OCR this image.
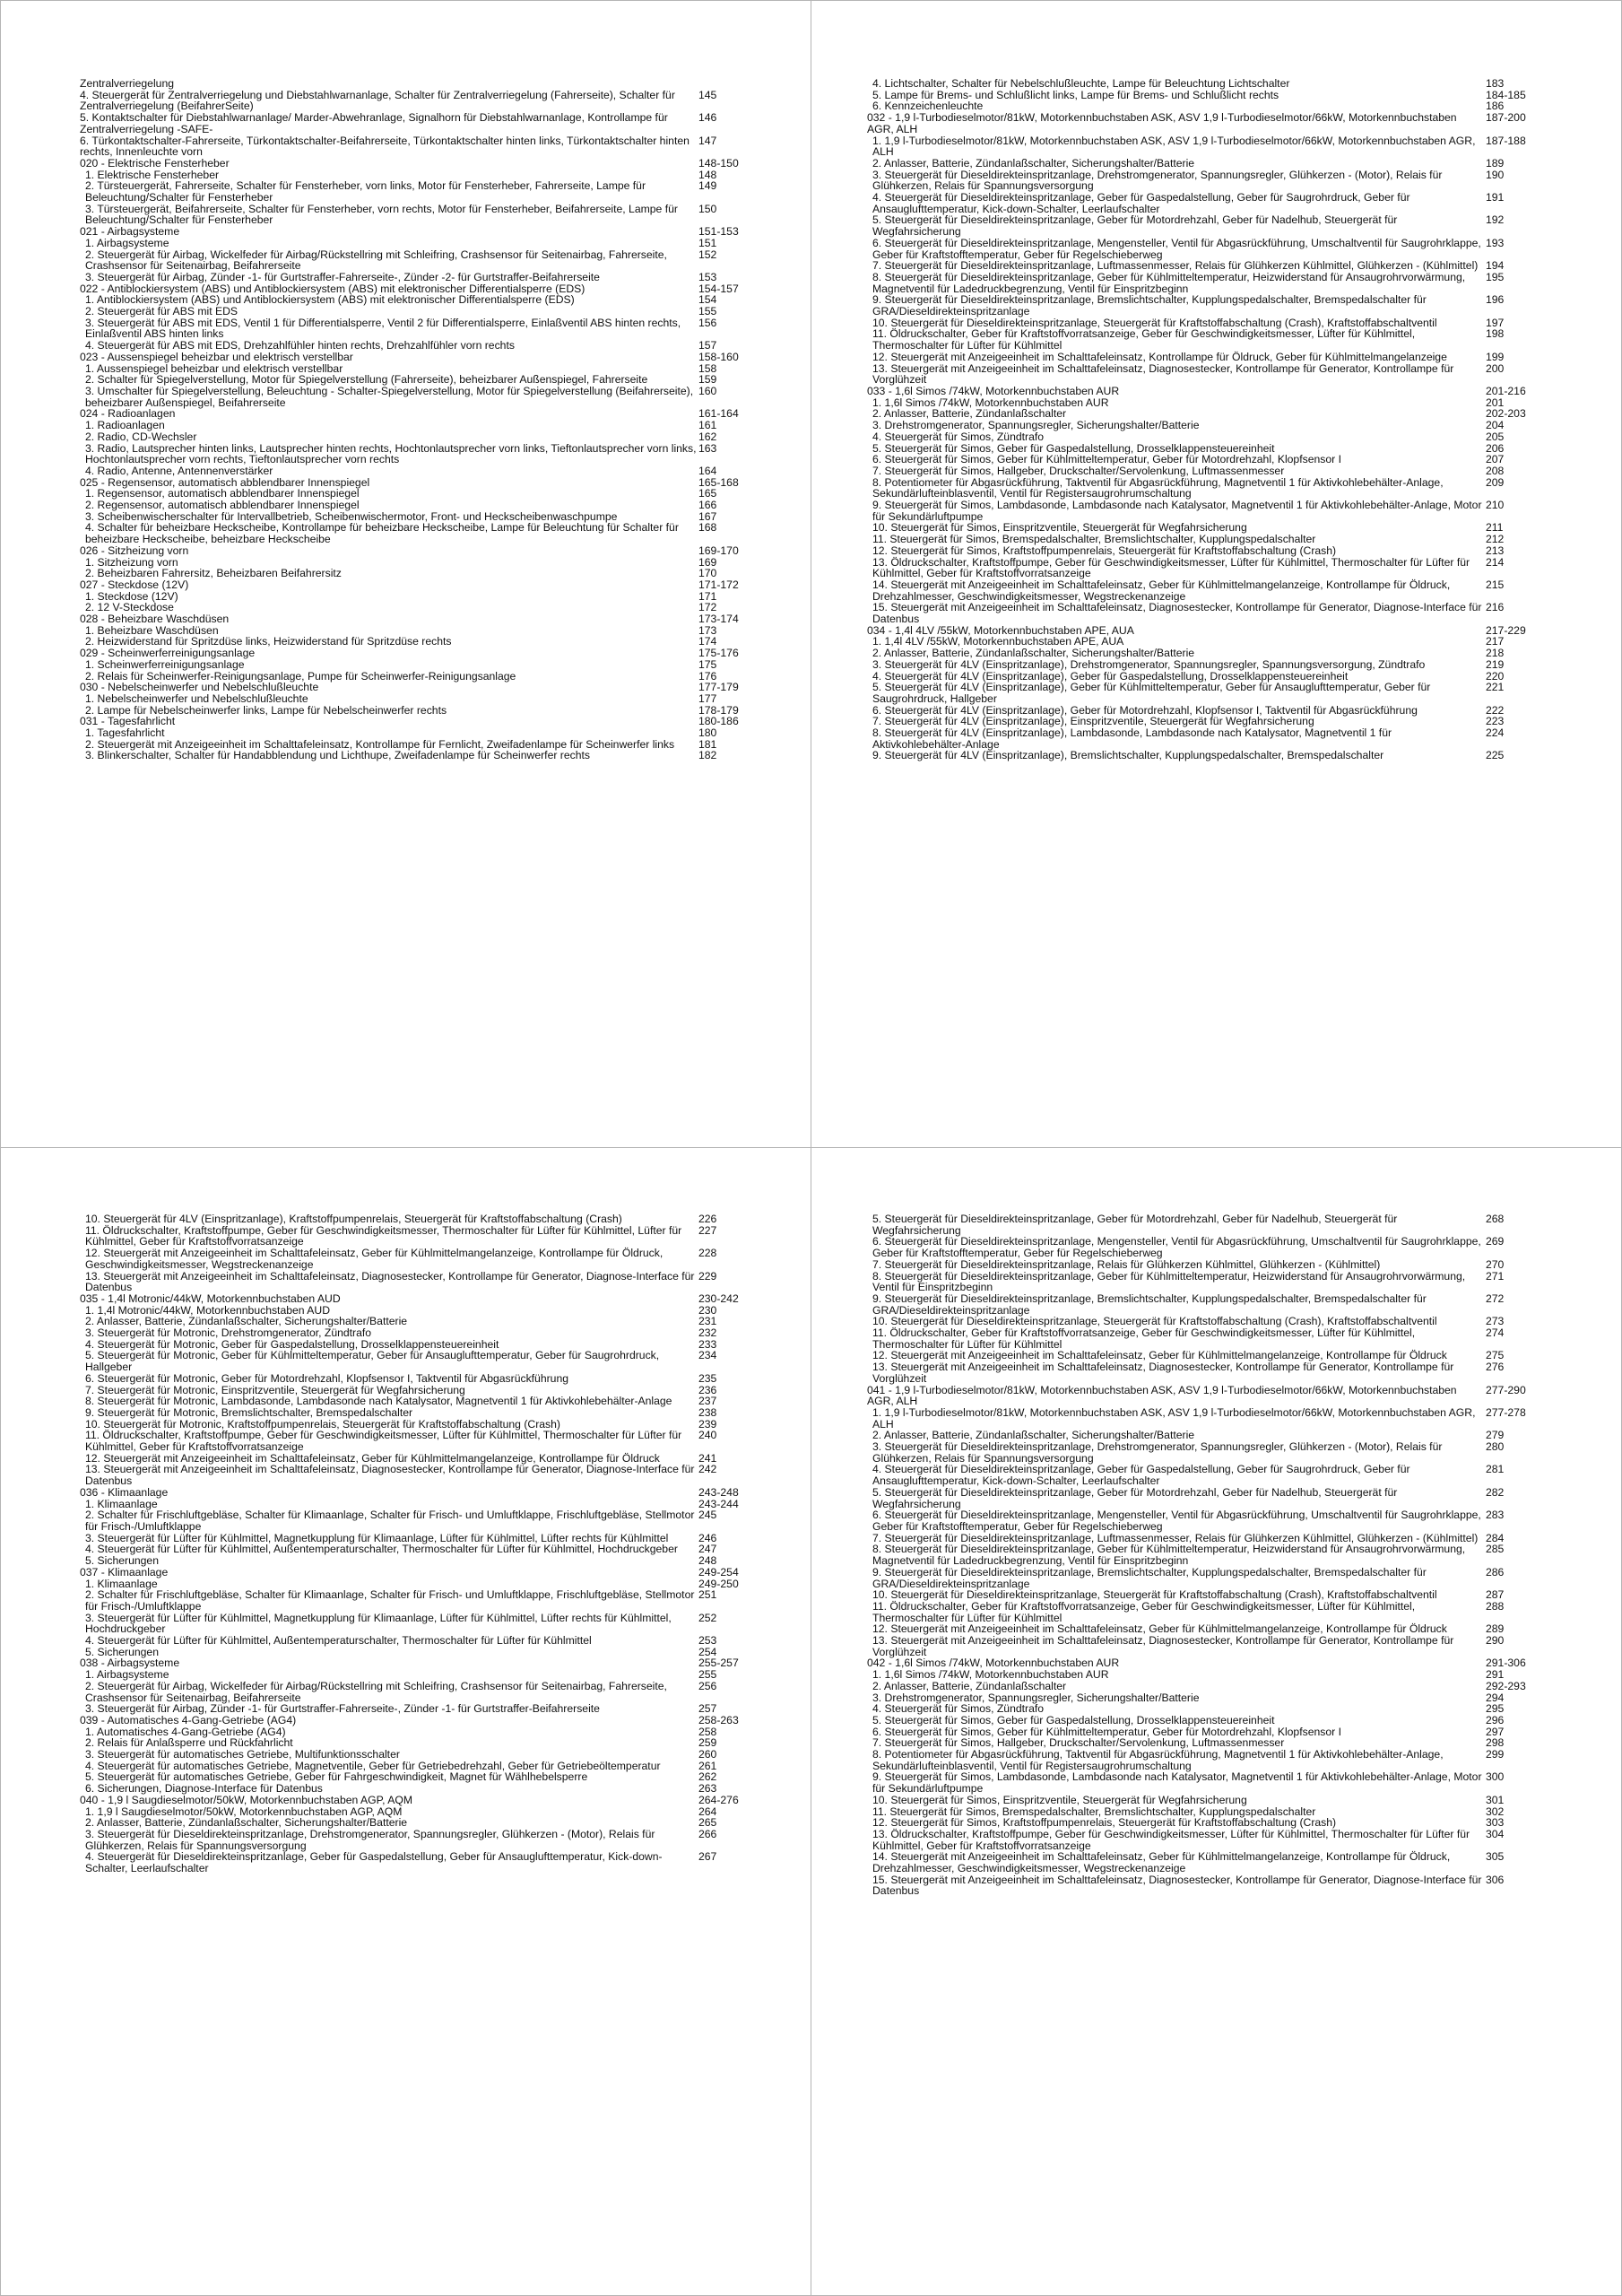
Zentralverriegelung
4. Steuergerät für Zentralverriegelung und Diebstahlwarnanlage, Schalter für Zentralverriegelung (Fahrerseite), Schalter für Zentralverriegelung (BeifahrerSeite)
145
5. Kontaktschalter für Diebstahlwarnanlage/ Marder-Abwehranlage, Signalhorn für Diebstahlwarnanlage, Kontrollampe für Zentralverriegelung -SAFE-
146
6. Türkontaktschalter-Fahrerseite, Türkontaktschalter-Beifahrerseite, Türkontaktschalter hinten links, Türkontaktschalter hinten rechts, Innenleuchte vorn
147
020 - Elektrische Fensterheber	148-150
1. Elektrische Fensterheber	148
2. Türsteuergerät, Fahrerseite, Schalter für Fensterheber, vorn links, Motor für Fensterheber, Fahrerseite, Lampe für Beleuchtung/Schalter für Fensterheber
149
3. Türsteuergerät, Beifahrerseite, Schalter für Fensterheber, vorn rechts, Motor für Fensterheber, Beifahrerseite, Lampe für Beleuchtung/Schalter für Fensterheber
150
021 - Airbagsysteme	151-153
1. Airbagsysteme	151
2. Steuergerät für Airbag, Wickelfeder für Airbag/Rückstellring mit Schleifring, Crashsensor für Seitenairbag, Fahrerseite, Crashsensor für Seitenairbag, Beifahrerseite
152
3. Steuergerät für Airbag, Zünder -1- für Gurtstraffer-Fahrerseite-, Zünder -2- für Gurtstraffer-Beifahrerseite	153
022 - Antiblockiersystem (ABS) und Antiblockiersystem (ABS) mit elektronischer Differentialsperre (EDS)	154-157
1. Antiblockiersystem (ABS) und Antiblockiersystem (ABS) mit elektronischer Differentialsperre (EDS)	154
2. Steuergerät für ABS mit EDS	155
3. Steuergerät für ABS mit EDS, Ventil 1 für Differentialsperre, Ventil 2 für Differentialsperre, Einlaßventil ABS hinten rechts, Einlaßventil ABS hinten links
156
4. Steuergerät für ABS mit EDS, Drehzahlfühler hinten rechts, Drehzahlfühler vorn rechts	157
023 - Aussenspiegel beheizbar und elektrisch verstellbar	158-160
1. Aussenspiegel beheizbar und elektrisch verstellbar	158
2. Schalter für Spiegelverstellung, Motor für Spiegelverstellung (Fahrerseite), beheizbarer Außenspiegel, Fahrerseite	159
3. Umschalter für Spiegelverstellung, Beleuchtung - Schalter-Spiegelverstellung, Motor für Spiegelverstellung (Beifahrerseite), beheizbarer Außenspiegel, Beifahrerseite
160
024 - Radioanlagen	161-164
1. Radioanlagen	161
2. Radio, CD-Wechsler	162
3. Radio, Lautsprecher hinten links, Lautsprecher hinten rechts, Hochtonlautsprecher vorn links, Tieftonlautsprecher vorn links, Hochtonlautsprecher vorn rechts, Tieftonlautsprecher vorn rechts
163
4. Radio, Antenne, Antennenverstärker	164
025 - Regensensor, automatisch abblendbarer Innenspiegel	165-168
1. Regensensor, automatisch abblendbarer Innenspiegel	165
2. Regensensor, automatisch abblendbarer Innenspiegel	166
3. Scheibenwischerschalter für Intervallbetrieb, Scheibenwischermotor, Front- und Heckscheibenwaschpumpe	167
4. Schalter für beheizbare Heckscheibe, Kontrollampe für beheizbare Heckscheibe, Lampe für Beleuchtung für Schalter für beheizbare Heckscheibe, beheizbare Heckscheibe
168
026 - Sitzheizung vorn	169-170
1. Sitzheizung vorn	169
2. Beheizbaren Fahrersitz, Beheizbaren Beifahrersitz	170
027 - Steckdose (12V)	171-172
1. Steckdose (12V)	171
2. 12 V-Steckdose	172
028 - Beheizbare Waschdüsen	173-174
1. Beheizbare Waschdüsen	173
2. Heizwiderstand für Spritzdüse links, Heizwiderstand für Spritzdüse rechts	174
029 - Scheinwerferreinigungsanlage	175-176
1. Scheinwerferreinigungsanlage	175
2. Relais für Scheinwerfer-Reinigungsanlage, Pumpe für Scheinwerfer-Reinigungsanlage	176
030 - Nebelscheinwerfer und Nebelschlußleuchte	177-179
1. Nebelscheinwerfer und Nebelschlußleuchte	177
2. Lampe für Nebelscheinwerfer links, Lampe für Nebelscheinwerfer rechts	178-179
031 - Tagesfahrlicht	180-186
1. Tagesfahrlicht	180
2. Steuergerät mit Anzeigeeinheit im Schalttafeleinsatz, Kontrollampe für Fernlicht, Zweifadenlampe für Scheinwerfer links	181
3. Blinkerschalter, Schalter für Handabblendung und Lichthupe, Zweifadenlampe für Scheinwerfer rechts	182
4. Lichtschalter, Schalter für Nebelschlußleuchte, Lampe für Beleuchtung Lichtschalter	183
5. Lampe für Brems- und Schlußlicht links, Lampe für Brems- und Schlußlicht rechts	184-185
6. Kennzeichenleuchte	186
032 - 1,9 l-Turbodieselmotor/81kW, Motorkennbuchstaben ASK, ASV 1,9 l-Turbodieselmotor/66kW, Motorkennbuchstaben AGR, ALH
187-200
1. 1,9 l-Turbodieselmotor/81kW, Motorkennbuchstaben ASK, ASV 1,9 l-Turbodieselmotor/66kW, Motorkennbuchstaben AGR, ALH
187-188
2. Anlasser, Batterie, Zündanlaßschalter, Sicherungshalter/Batterie	189
3. Steuergerät für Dieseldirekteinspritzanlage, Drehstromgenerator, Spannungsregler, Glühkerzen - (Motor), Relais für Glühkerzen, Relais für Spannungsversorgung
190
4. Steuergerät für Dieseldirekteinspritzanlage, Geber für Gaspedalstellung, Geber für Saugrohrdruck, Geber für Ansauglufttemperatur, Kick-down-Schalter, Leerlaufschalter
191
5. Steuergerät für Dieseldirekteinspritzanlage, Geber für Motordrehzahl, Geber für Nadelhub, Steuergerät für Wegfahrsicherung
192
6. Steuergerät für Dieseldirekteinspritzanlage, Mengensteller, Ventil für Abgasrückführung, Umschaltventil für Saugrohrklappe, Geber für Kraftstofftemperatur, Geber für Regelschieberweg
193
7. Steuergerät für Dieseldirekteinspritzanlage, Luftmassenmesser, Relais für Glühkerzen Kühlmittel, Glühkerzen - (Kühlmittel) 194
8. Steuergerät für Dieseldirekteinspritzanlage, Geber für Kühlmitteltemperatur, Heizwiderstand für Ansaugrohrvorwärmung, Magnetventil für Ladedruckbegrenzung, Ventil für Einspritzbeginn
195
9. Steuergerät für Dieseldirekteinspritzanlage, Bremslichtschalter, Kupplungspedalschalter, Bremspedalschalter für GRA/Dieseldirekteinspritzanlage
196
10. Steuergerät für Dieseldirekteinspritzanlage, Steuergerät für Kraftstoffabschaltung (Crash), Kraftstoffabschaltventil	197
11. Öldruckschalter, Geber für Kraftstoffvorratsanzeige, Geber für Geschwindigkeitsmesser, Lüfter für Kühlmittel, Thermoschalter für Lüfter für Kühlmittel
198
12. Steuergerät mit Anzeigeeinheit im Schalttafeleinsatz, Kontrollampe für Öldruck, Geber für Kühlmittelmangelanzeige	199
13. Steuergerät mit Anzeigeeinheit im Schalttafeleinsatz, Diagnosestecker, Kontrollampe für Generator, Kontrollampe für Vorglühzeit
200
033 - 1,6l Simos /74kW, Motorkennbuchstaben AUR	201-216
1. 1,6l Simos /74kW, Motorkennbuchstaben AUR	201
2. Anlasser, Batterie, Zündanlaßschalter	202-203
3. Drehstromgenerator, Spannungsregler, Sicherungshalter/Batterie	204
4. Steuergerät für Simos, Zündtrafo	205
5. Steuergerät für Simos, Geber für Gaspedalstellung, Drosselklappensteuereinheit	206
6. Steuergerät für Simos, Geber für Kühlmitteltemperatur, Geber für Motordrehzahl, Klopfsensor I	207
7. Steuergerät für Simos, Hallgeber, Druckschalter/Servolenkung, Luftmassenmesser	208
8. Potentiometer für Abgasrückführung, Taktventil für Abgasrückführung, Magnetventil 1 für Aktivkohlebehälter-Anlage, Sekundärlufteinblasventil, Ventil für Registersaugrohrumschaltung
209
9. Steuergerät für Simos, Lambdasonde, Lambdasonde nach Katalysator, Magnetventil 1 für Aktivkohlebehälter-Anlage, Motor für Sekundärluftpumpe
210
10. Steuergerät für Simos, Einspritzventile, Steuergerät für Wegfahrsicherung	211
11. Steuergerät für Simos, Bremspedalschalter, Bremslichtschalter, Kupplungspedalschalter	212
12. Steuergerät für Simos, Kraftstoffpumpenrelais, Steuergerät für Kraftstoffabschaltung (Crash)	213
13. Öldruckschalter, Kraftstoffpumpe, Geber für Geschwindigkeitsmesser, Lüfter für Kühlmittel, Thermoschalter für Lüfter für Kühlmittel, Geber für Kraftstoffvorratsanzeige
214
14. Steuergerät mit Anzeigeeinheit im Schalttafeleinsatz, Geber für Kühlmittelmangelanzeige, Kontrollampe für Öldruck, Drehzahlmesser, Geschwindigkeitsmesser, Wegstreckenanzeige
215
15. Steuergerät mit Anzeigeeinheit im Schalttafeleinsatz, Diagnosestecker, Kontrollampe für Generator, Diagnose-Interface für Datenbus
216
034 - 1,4l 4LV /55kW, Motorkennbuchstaben APE, AUA	217-229
1. 1,4l 4LV /55kW, Motorkennbuchstaben APE, AUA	217
2. Anlasser, Batterie, Zündanlaßschalter, Sicherungshalter/Batterie	218
3. Steuergerät für 4LV (Einspritzanlage), Drehstromgenerator, Spannungsregler, Spannungsversorgung, Zündtrafo	219
4. Steuergerät für 4LV (Einspritzanlage), Geber für Gaspedalstellung, Drosselklappensteuereinheit	220
5. Steuergerät für 4LV (Einspritzanlage), Geber für Kühlmitteltemperatur, Geber für Ansauglufttemperatur, Geber für Saugrohrdruck, Hallgeber
221
6. Steuergerät für 4LV (Einspritzanlage), Geber für Motordrehzahl, Klopfsensor I, Taktventil für Abgasrückführung	222
7. Steuergerät für 4LV (Einspritzanlage), Einspritzventile, Steuergerät für Wegfahrsicherung	223
8. Steuergerät für 4LV (Einspritzanlage), Lambdasonde, Lambdasonde nach Katalysator, Magnetventil 1 für Aktivkohlebehälter-Anlage
224
9. Steuergerät für 4LV (Einspritzanlage), Bremslichtschalter, Kupplungspedalschalter, Bremspedalschalter	225
10. Steuergerät für 4LV (Einspritzanlage), Kraftstoffpumpenrelais, Steuergerät für Kraftstoffabschaltung (Crash)	226
11. Öldruckschalter, Kraftstoffpumpe, Geber für Geschwindigkeitsmesser, Thermoschalter für Lüfter für Kühlmittel, Lüfter für Kühlmittel, Geber für Kraftstoffvorratsanzeige
227
12. Steuergerät mit Anzeigeeinheit im Schalttafeleinsatz, Geber für Kühlmittelmangelanzeige, Kontrollampe für Öldruck, Geschwindigkeitsmesser, Wegstreckenanzeige
228
13. Steuergerät mit Anzeigeeinheit im Schalttafeleinsatz, Diagnosestecker, Kontrollampe für Generator, Diagnose-Interface für Datenbus
229
035 - 1,4l Motronic/44kW, Motorkennbuchstaben AUD	230-242
1. 1,4l Motronic/44kW, Motorkennbuchstaben AUD	230
2. Anlasser, Batterie, Zündanlaßschalter, Sicherungshalter/Batterie	231
3. Steuergerät für Motronic, Drehstromgenerator, Zündtrafo	232
4. Steuergerät für Motronic, Geber für Gaspedalstellung, Drosselklappensteuereinheit	233
5. Steuergerät für Motronic, Geber für Kühlmitteltemperatur, Geber für Ansauglufttemperatur, Geber für Saugrohrdruck, Hallgeber
234
6. Steuergerät für Motronic, Geber für Motordrehzahl, Klopfsensor I, Taktventil für Abgasrückführung	235
7. Steuergerät für Motronic, Einspritzventile, Steuergerät für Wegfahrsicherung	236
8. Steuergerät für Motronic, Lambdasonde, Lambdasonde nach Katalysator, Magnetventil 1 für Aktivkohlebehälter-Anlage	237
9. Steuergerät für Motronic, Bremslichtschalter, Bremspedalschalter	238
10. Steuergerät für Motronic, Kraftstoffpumpenrelais, Steuergerät für Kraftstoffabschaltung (Crash)	239
11. Öldruckschalter, Kraftstoffpumpe, Geber für Geschwindigkeitsmesser, Lüfter für Kühlmittel, Thermoschalter für Lüfter für Kühlmittel, Geber für Kraftstoffvorratsanzeige
240
12. Steuergerät mit Anzeigeeinheit im Schalttafeleinsatz, Geber für Kühlmittelmangelanzeige, Kontrollampe für Öldruck	241
13. Steuergerät mit Anzeigeeinheit im Schalttafeleinsatz, Diagnosestecker, Kontrollampe für Generator, Diagnose-Interface für Datenbus
242
036 - Klimaanlage	243-248
1. Klimaanlage	243-244
2. Schalter für Frischluftgebläse, Schalter für Klimaanlage, Schalter für Frisch- und Umluftklappe, Frischluftgebläse, Stellmotor für Frisch-/Umluftklappe
245
3. Steuergerät für Lüfter für Kühlmittel, Magnetkupplung für Klimaanlage, Lüfter für Kühlmittel, Lüfter rechts für Kühlmittel	246
4. Steuergerät für Lüfter für Kühlmittel, Außentemperaturschalter, Thermoschalter für Lüfter für Kühlmittel, Hochdruckgeber	247
5. Sicherungen	248
037 - Klimaanlage	249-254
1. Klimaanlage	249-250
2. Schalter für Frischluftgebläse, Schalter für Klimaanlage, Schalter für Frisch- und Umluftklappe, Frischluftgebläse, Stellmotor für Frisch-/Umluftklappe
251
3. Steuergerät für Lüfter für Kühlmittel, Magnetkupplung für Klimaanlage, Lüfter für Kühlmittel, Lüfter rechts für Kühlmittel, Hochdruckgeber
252
4. Steuergerät für Lüfter für Kühlmittel, Außentemperaturschalter, Thermoschalter für Lüfter für Kühlmittel	253
5. Sicherungen	254
038 - Airbagsysteme	255-257
1. Airbagsysteme	255
2. Steuergerät für Airbag, Wickelfeder für Airbag/Rückstellring mit Schleifring, Crashsensor für Seitenairbag, Fahrerseite, Crashsensor für Seitenairbag, Beifahrerseite
256
3. Steuergerät für Airbag, Zünder -1- für Gurtstraffer-Fahrerseite-, Zünder -1- für Gurtstraffer-Beifahrerseite	257
039 - Automatisches 4-Gang-Getriebe (AG4)	258-263
1. Automatisches 4-Gang-Getriebe (AG4)	258
2. Relais für Anlaßsperre und Rückfahrlicht	259
3. Steuergerät für automatisches Getriebe, Multifunktionsschalter	260
4. Steuergerät für automatisches Getriebe, Magnetventile, Geber für Getriebedrehzahl, Geber für Getriebeöltemperatur	261
5. Steuergerät für automatisches Getriebe, Geber für Fahrgeschwindigkeit, Magnet für Wählhebelsperre	262
6. Sicherungen, Diagnose-Interface für Datenbus	263
040 - 1,9 l Saugdieselmotor/50kW, Motorkennbuchstaben AGP, AQM	264-276
1. 1,9 l Saugdieselmotor/50kW, Motorkennbuchstaben AGP, AQM	264
2. Anlasser, Batterie, Zündanlaßschalter, Sicherungshalter/Batterie	265
3. Steuergerät für Dieseldirekteinspritzanlage, Drehstromgenerator, Spannungsregler, Glühkerzen - (Motor), Relais für Glühkerzen, Relais für Spannungsversorgung
266
4. Steuergerät für Dieseldirekteinspritzanlage, Geber für Gaspedalstellung, Geber für Ansauglufttemperatur, Kick-down-Schalter, Leerlaufschalter
267
5. Steuergerät für Dieseldirekteinspritzanlage, Geber für Motordrehzahl, Geber für Nadelhub, Steuergerät für Wegfahrsicherung
268
6. Steuergerät für Dieseldirekteinspritzanlage, Mengensteller, Ventil für Abgasrückführung, Umschaltventil für Saugrohrklappe, Geber für Kraftstofftemperatur, Geber für Regelschieberweg
269
7. Steuergerät für Dieseldirekteinspritzanlage, Relais für Glühkerzen Kühlmittel, Glühkerzen - (Kühlmittel)	270
8. Steuergerät für Dieseldirekteinspritzanlage, Geber für Kühlmitteltemperatur, Heizwiderstand für Ansaugrohrvorwärmung, Ventil für Einspritzbeginn
271
9. Steuergerät für Dieseldirekteinspritzanlage, Bremslichtschalter, Kupplungspedalschalter, Bremspedalschalter für GRA/Dieseldirekteinspritzanlage
272
10. Steuergerät für Dieseldirekteinspritzanlage, Steuergerät für Kraftstoffabschaltung (Crash), Kraftstoffabschaltventil	273
11. Öldruckschalter, Geber für Kraftstoffvorratsanzeige, Geber für Geschwindigkeitsmesser, Lüfter für Kühlmittel, Thermoschalter für Lüfter für Kühlmittel
274
12. Steuergerät mit Anzeigeeinheit im Schalttafeleinsatz, Geber für Kühlmittelmangelanzeige, Kontrollampe für Öldruck	275
13. Steuergerät mit Anzeigeeinheit im Schalttafeleinsatz, Diagnosestecker, Kontrollampe für Generator, Kontrollampe für Vorglühzeit
276
041 - 1,9 l-Turbodieselmotor/81kW, Motorkennbuchstaben ASK, ASV 1,9 l-Turbodieselmotor/66kW, Motorkennbuchstaben AGR, ALH
277-290
1. 1,9 l-Turbodieselmotor/81kW, Motorkennbuchstaben ASK, ASV 1,9 l-Turbodieselmotor/66kW, Motorkennbuchstaben AGR, ALH
277-278
2. Anlasser, Batterie, Zündanlaßschalter, Sicherungshalter/Batterie	279
3. Steuergerät für Dieseldirekteinspritzanlage, Drehstromgenerator, Spannungsregler, Glühkerzen - (Motor), Relais für Glühkerzen, Relais für Spannungsversorgung
280
4. Steuergerät für Dieseldirekteinspritzanlage, Geber für Gaspedalstellung, Geber für Saugrohrdruck, Geber für Ansauglufttemperatur, Kick-down-Schalter, Leerlaufschalter
281
5. Steuergerät für Dieseldirekteinspritzanlage, Geber für Motordrehzahl, Geber für Nadelhub, Steuergerät für Wegfahrsicherung
282
6. Steuergerät für Dieseldirekteinspritzanlage, Mengensteller, Ventil für Abgasrückführung, Umschaltventil für Saugrohrklappe, Geber für Kraftstofftemperatur, Geber für Regelschieberweg
283
7. Steuergerät für Dieseldirekteinspritzanlage, Luftmassenmesser, Relais für Glühkerzen Kühlmittel, Glühkerzen - (Kühlmittel) 284
8. Steuergerät für Dieseldirekteinspritzanlage, Geber für Kühlmitteltemperatur, Heizwiderstand für Ansaugrohrvorwärmung, Magnetventil für Ladedruckbegrenzung, Ventil für Einspritzbeginn
285
9. Steuergerät für Dieseldirekteinspritzanlage, Bremslichtschalter, Kupplungspedalschalter, Bremspedalschalter für GRA/Dieseldirekteinspritzanlage
286
10. Steuergerät für Dieseldirekteinspritzanlage, Steuergerät für Kraftstoffabschaltung (Crash), Kraftstoffabschaltventil	287
11. Öldruckschalter, Geber für Kraftstoffvorratsanzeige, Geber für Geschwindigkeitsmesser, Lüfter für Kühlmittel, Thermoschalter für Lüfter für Kühlmittel
288
12. Steuergerät mit Anzeigeeinheit im Schalttafeleinsatz, Geber für Kühlmittelmangelanzeige, Kontrollampe für Öldruck	289
13. Steuergerät mit Anzeigeeinheit im Schalttafeleinsatz, Diagnosestecker, Kontrollampe für Generator, Kontrollampe für Vorglühzeit
290
042 - 1,6l Simos /74kW, Motorkennbuchstaben AUR	291-306
1. 1,6l Simos /74kW, Motorkennbuchstaben AUR	291
2. Anlasser, Batterie, Zündanlaßschalter	292-293
3. Drehstromgenerator, Spannungsregler, Sicherungshalter/Batterie	294
4. Steuergerät für Simos, Zündtrafo	295
5. Steuergerät für Simos, Geber für Gaspedalstellung, Drosselklappensteuereinheit	296
6. Steuergerät für Simos, Geber für Kühlmitteltemperatur, Geber für Motordrehzahl, Klopfsensor I	297
7. Steuergerät für Simos, Hallgeber, Druckschalter/Servolenkung, Luftmassenmesser	298
8. Potentiometer für Abgasrückführung, Taktventil für Abgasrückführung, Magnetventil 1 für Aktivkohlebehälter-Anlage, Sekundärlufteinblasventil, Ventil für Registersaugrohrumschaltung
299
9. Steuergerät für Simos, Lambdasonde, Lambdasonde nach Katalysator, Magnetventil 1 für Aktivkohlebehälter-Anlage, Motor für Sekundärluftpumpe
300
10. Steuergerät für Simos, Einspritzventile, Steuergerät für Wegfahrsicherung	301
11. Steuergerät für Simos, Bremspedalschalter, Bremslichtschalter, Kupplungspedalschalter	302
12. Steuergerät für Simos, Kraftstoffpumpenrelais, Steuergerät für Kraftstoffabschaltung (Crash)	303
13. Öldruckschalter, Kraftstoffpumpe, Geber für Geschwindigkeitsmesser, Lüfter für Kühlmittel, Thermoschalter für Lüfter für Kühlmittel, Geber für Kraftstoffvorratsanzeige
304
14. Steuergerät mit Anzeigeeinheit im Schalttafeleinsatz, Geber für Kühlmittelmangelanzeige, Kontrollampe für Öldruck, Drehzahlmesser, Geschwindigkeitsmesser, Wegstreckenanzeige
305
15. Steuergerät mit Anzeigeeinheit im Schalttafeleinsatz, Diagnosestecker, Kontrollampe für Generator, Diagnose-Interface für Datenbus
306
